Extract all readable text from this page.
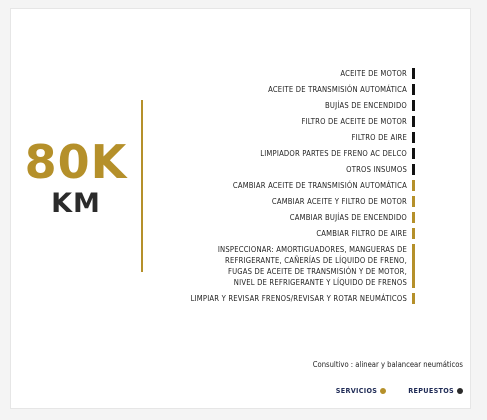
80K
KM
ACEITE DE MOTOR
ACEITE DE TRANSMISIÓN AUTOMÁTICA
BUJÍAS DE ENCENDIDO
FILTRO DE ACEITE DE MOTOR
FILTRO DE AIRE
LIMPIADOR PARTES DE FRENO AC DELCO
OTROS INSUMOS
CAMBIAR ACEITE DE TRANSMISIÓN AUTOMÁTICA
CAMBIAR ACEITE Y FILTRO DE MOTOR
CAMBIAR BUJÍAS DE ENCENDIDO
CAMBIAR FILTRO DE AIRE
INSPECCIONAR: AMORTIGUADORES, MANGUERAS DE
REFRIGERANTE, CAÑERÍAS DE LÍQUIDO DE FRENO,
FUGAS DE ACEITE DE TRANSMISIÓN Y DE MOTOR,
NIVEL DE REFRIGERANTE Y LÍQUIDO DE FRENOS
LIMPIAR Y REVISAR FRENOS/REVISAR Y ROTAR NEUMÁTICOS
Consultivo : alinear y balancear neumáticos
SERVICIOS	REPUESTOS
